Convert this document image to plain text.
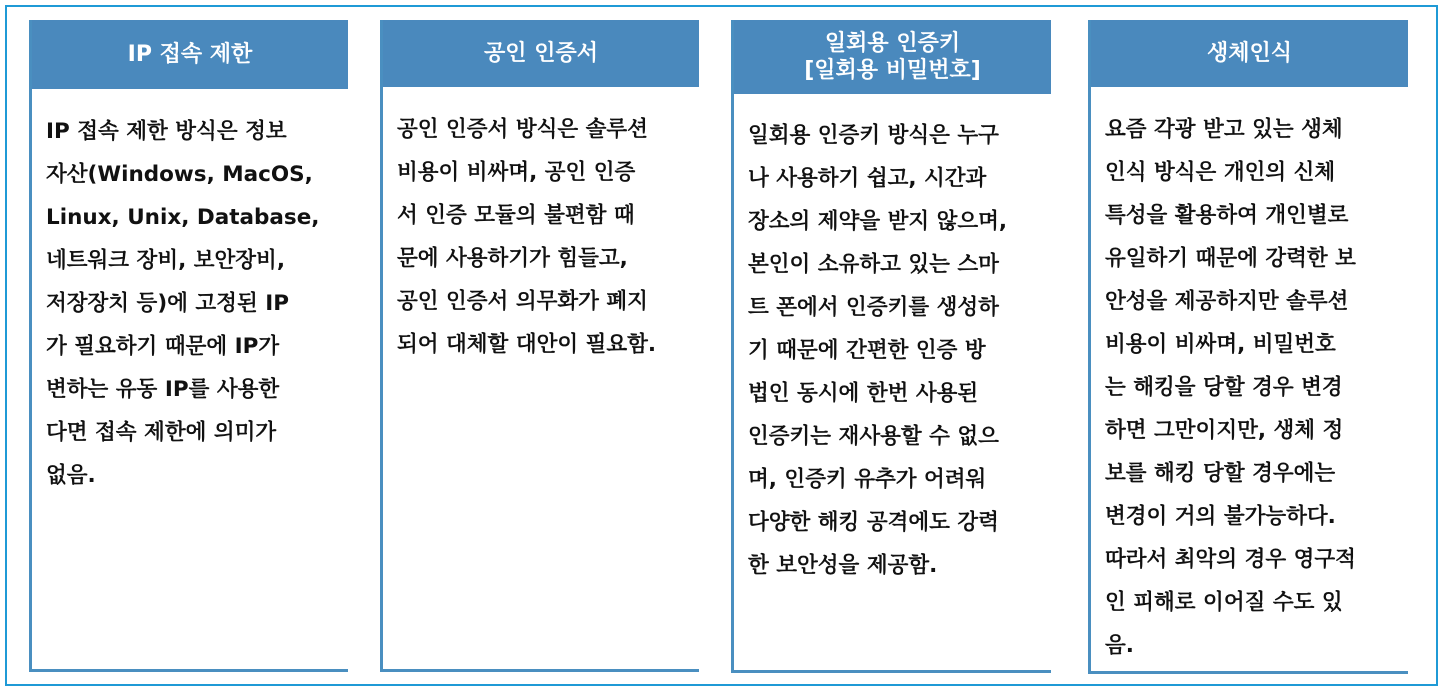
IP 접속 제한
IP 접속 제한 방식은 정보
자산(Windows, MacOS,
Linux, Unix, Database,
네트워크 장비, 보안장비,
저장장치 등)에 고정된 IP
가 필요하기 때문에 IP가
변하는 유동 IP를 사용한
다면 접속 제한에 의미가
없음.
공인 인증서
공인 인증서 방식은 솔루션
비용이 비싸며, 공인 인증
서 인증 모듈의 불편함 때
문에 사용하기가 힘들고,
공인 인증서 의무화가 폐지
되어 대체할 대안이 필요함.
일회용 인증키
[일회용 비밀번호]
일회용 인증키 방식은 누구
나 사용하기 쉽고, 시간과
장소의 제약을 받지 않으며,
본인이 소유하고 있는 스마
트 폰에서 인증키를 생성하
기 때문에 간편한 인증 방
법인 동시에 한번 사용된
인증키는 재사용할 수 없으
며, 인증키 유추가 어려워
다양한 해킹 공격에도 강력
한 보안성을 제공함.
생체인식
요즘 각광 받고 있는 생체
인식 방식은 개인의 신체
특성을 활용하여 개인별로
유일하기 때문에 강력한 보
안성을 제공하지만 솔루션
비용이 비싸며, 비밀번호
는 해킹을 당할 경우 변경
하면 그만이지만, 생체 정
보를 해킹 당할 경우에는
변경이 거의 불가능하다.
따라서 최악의 경우 영구적
인 피해로 이어질 수도 있
음.
